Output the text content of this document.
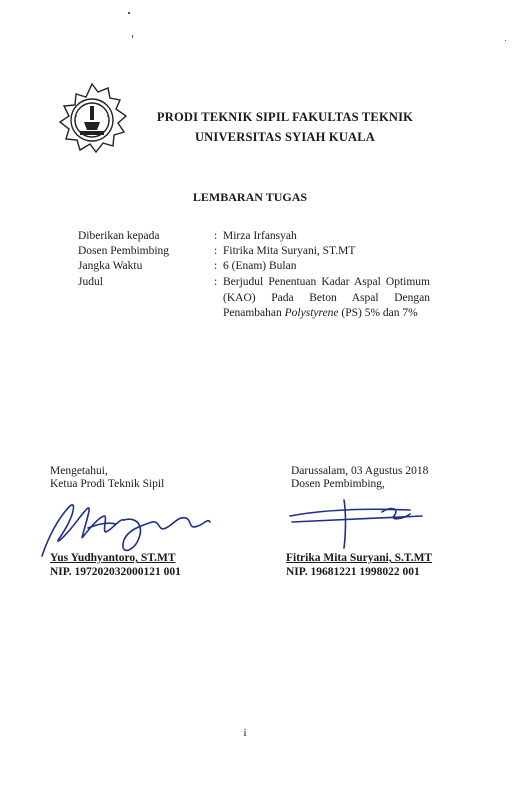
PRODI TEKNIK SIPIL FAKULTAS TEKNIK
UNIVERSITAS SYIAH KUALA
LEMBARAN TUGAS
Diberikan kepada	: Mirza Irfansyah
Dosen Pembimbing	: Fitrika Mita Suryani, ST.MT
Jangka Waktu	: 6 (Enam) Bulan
Judul	: Berjudul Penentuan Kadar Aspal Optimum
(KAO) Pada Beton Aspal Dengan
Penambahan Polystyrene (PS) 5% dan 7%
Mengetahui,
Ketua Prodi Teknik Sipil
Yus Yudhyantoro, ST.MT
NIP. 197202032000121 001
Darussalam, 03 Agustus 2018
Dosen Pembimbing,
Fitrika Mita Suryani, S.T.MT
NIP. 19681221 1998022 001
i
